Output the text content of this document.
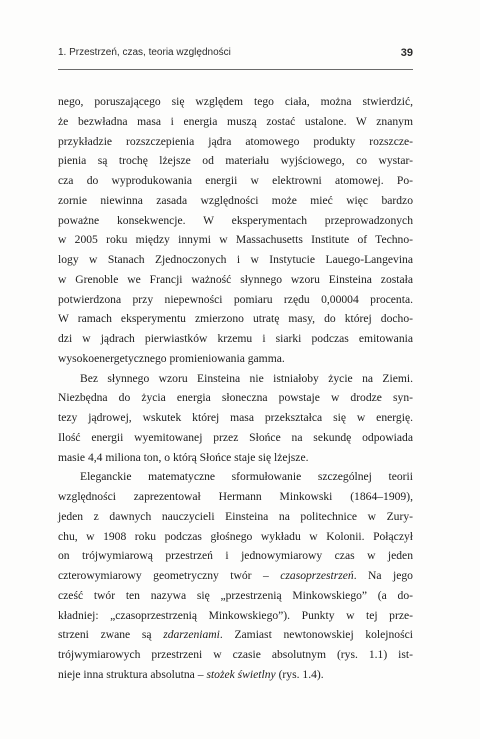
1. Przestrzeń, czas, teoria względności	39
nego, poruszającego się względem tego ciała, można stwierdzić,
że bezwładna masa i energia muszą zostać ustalone. W znanym
przykładzie rozszczepienia jądra atomowego produkty rozszcze-
pienia są trochę lżejsze od materiału wyjściowego, co wystar-
cza do wyprodukowania energii w elektrowni atomowej. Po-
zornie niewinna zasada względności może mieć więc bardzo
poważne konsekwencje. W eksperymentach przeprowadzonych
w 2005 roku między innymi w Massachusetts Institute of Techno-
logy w Stanach Zjednoczonych i w Instytucie Lauego-Langevina
w Grenoble we Francji ważność słynnego wzoru Einsteina została
potwierdzona przy niepewności pomiaru rzędu 0,00004 procenta.
W ramach eksperymentu zmierzono utratę masy, do której docho-
dzi w jądrach pierwiastków krzemu i siarki podczas emitowania
wysokoenergetycznego promieniowania gamma.
Bez słynnego wzoru Einsteina nie istniałoby życie na Ziemi.
Niezbędna do życia energia słoneczna powstaje w drodze syn-
tezy jądrowej, wskutek której masa przekształca się w energię.
Ilość energii wyemitowanej przez Słońce na sekundę odpowiada
masie 4,4 miliona ton, o którą Słońce staje się lżejsze.
Eleganckie matematyczne sformułowanie szczególnej teorii
względności zaprezentował Hermann Minkowski (1864–1909),
jeden z dawnych nauczycieli Einsteina na politechnice w Zury-
chu, w 1908 roku podczas głośnego wykładu w Kolonii. Połączył
on trójwymiarową przestrzeń i jednowymiarowy czas w jeden
czterowymiarowy geometryczny twór – czasoprzestrzeń. Na jego
cześć twór ten nazywa się „przestrzenią Minkowskiego” (a do-
kładniej: „czasoprzestrzenią Minkowskiego”). Punkty w tej prze-
strzeni zwane są zdarzeniami. Zamiast newtonowskiej kolejności
trójwymiarowych przestrzeni w czasie absolutnym (rys. 1.1) ist-
nieje inna struktura absolutna – stożek świetlny (rys. 1.4).
